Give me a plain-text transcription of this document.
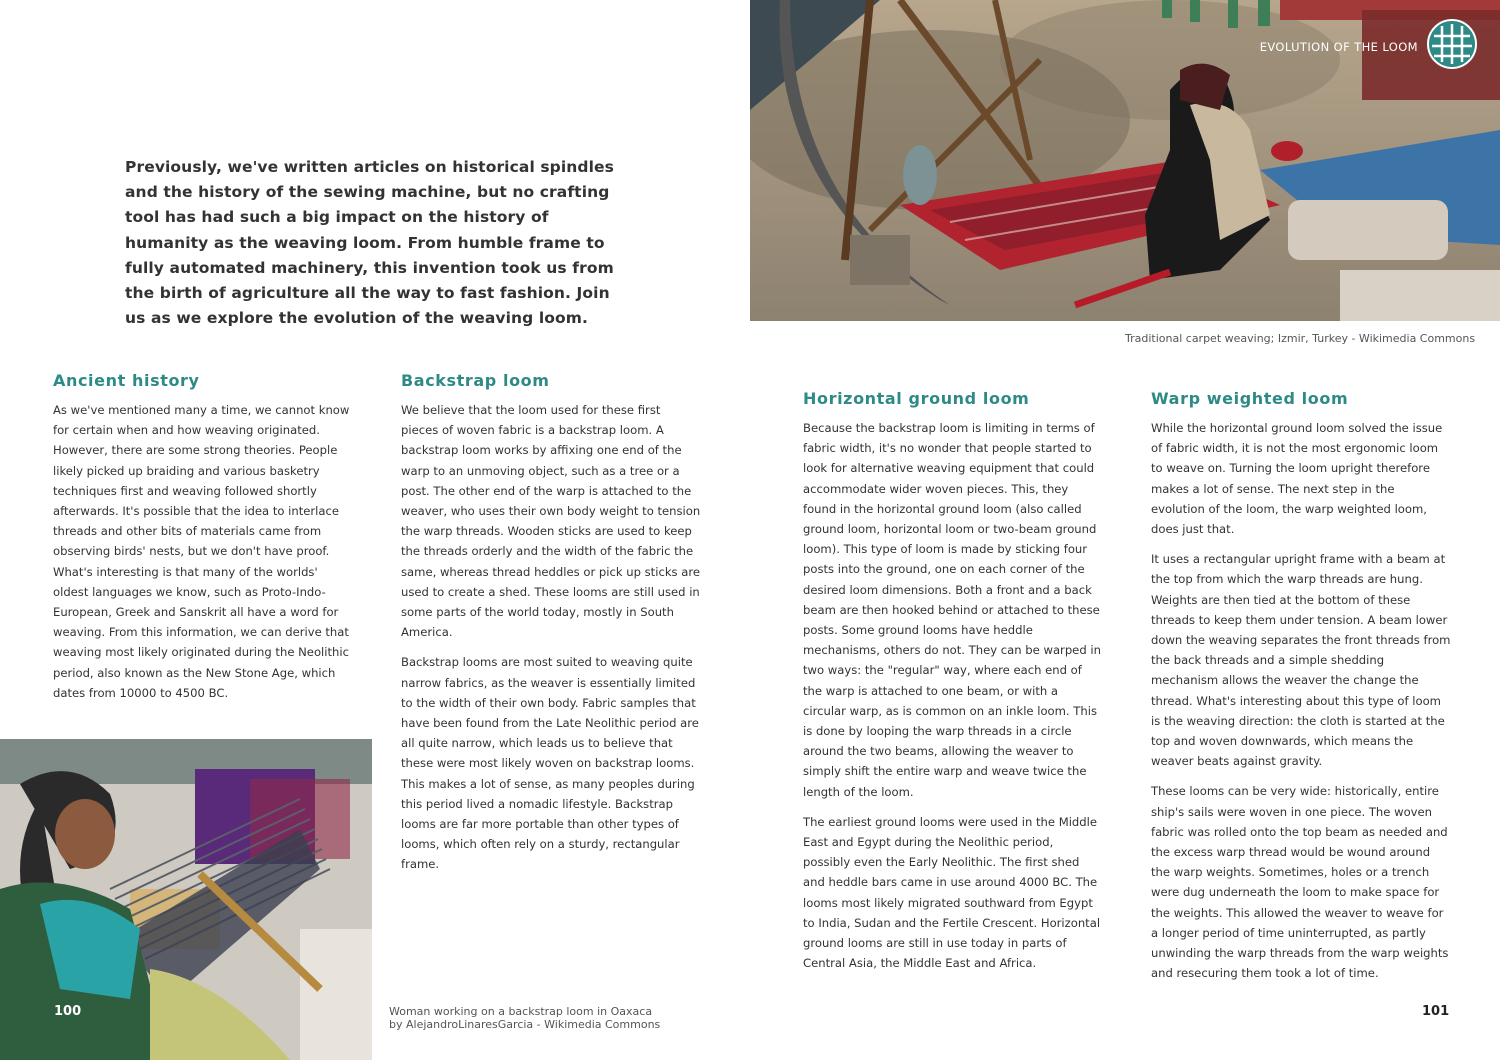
Previously, we've written articles on historical spindles and the history of the sewing machine, but no crafting tool has had such a big impact on the history of humanity as the weaving loom. From humble frame to fully automated machinery, this invention took us from the birth of agriculture all the way to fast fashion. Join us as we explore the evolution of the weaving loom.
EVOLUTION OF THE LOOM
Traditional carpet weaving; Izmir, Turkey - Wikimedia Commons
100	Woman working on a backstrap loom in Oaxaca
by AlejandroLinaresGarcia - Wikimedia Commons
Ancient history

As we've mentioned many a time, we cannot know for certain when and how weaving originated. However, there are some strong theories. People likely picked up braiding and various basketry techniques first and weaving followed shortly afterwards. It's possible that the idea to interlace threads and other bits of materials came from observing birds' nests, but we don't have proof. What's interesting is that many of the worlds' oldest languages we know, such as Proto-Indo-European, Greek and Sanskrit all have a word for weaving. From this information, we can derive that weaving most likely originated during the Neolithic period, also known as the New Stone Age, which dates from 10000 to 4500 BC.

Backstrap loom

We believe that the loom used for these first pieces of woven fabric is a backstrap loom. A backstrap loom works by affixing one end of the warp to an unmoving object, such as a tree or a post. The other end of the warp is attached to the weaver, who uses their own body weight to tension the warp threads. Wooden sticks are used to keep the threads orderly and the width of the fabric the same, whereas thread heddles or pick up sticks are used to create a shed. These looms are still used in some parts of the world today, mostly in South America.

Backstrap looms are most suited to weaving quite narrow fabrics, as the weaver is essentially limited to the width of their own body. Fabric samples that have been found from the Late Neolithic period are all quite narrow, which leads us to believe that these were most likely woven on backstrap looms. This makes a lot of sense, as many peoples during this period lived a nomadic lifestyle. Backstrap looms are far more portable than other types of looms, which often rely on a sturdy, rectangular frame.

Horizontal ground loom

Because the backstrap loom is limiting in terms of fabric width, it's no wonder that people started to look for alternative weaving equipment that could accommodate wider woven pieces. This, they found in the horizontal ground loom (also called ground loom, horizontal loom or two-beam ground loom). This type of loom is made by sticking four posts into the ground, one on each corner of the desired loom dimensions. Both a front and a back beam are then hooked behind or attached to these posts. Some ground looms have heddle mechanisms, others do not. They can be warped in two ways: the "regular" way, where each end of the warp is attached to one beam, or with a circular warp, as is common on an inkle loom. This is done by looping the warp threads in a circle around the two beams, allowing the weaver to simply shift the entire warp and weave twice the length of the loom.

The earliest ground looms were used in the Middle East and Egypt during the Neolithic period, possibly even the Early Neolithic. The first shed and heddle bars came in use around 4000 BC. The looms most likely migrated southward from Egypt to India, Sudan and the Fertile Crescent. Horizontal ground looms are still in use today in parts of Central Asia, the Middle East and Africa.

Warp weighted loom

While the horizontal ground loom solved the issue of fabric width, it is not the most ergonomic loom to weave on. Turning the loom upright therefore makes a lot of sense. The next step in the evolution of the loom, the warp weighted loom, does just that.

It uses a rectangular upright frame with a beam at the top from which the warp threads are hung. Weights are then tied at the bottom of these threads to keep them under tension. A beam lower down the weaving separates the front threads from the back threads and a simple shedding mechanism allows the weaver the change the thread. What's interesting about this type of loom is the weaving direction: the cloth is started at the top and woven downwards, which means the weaver beats against gravity.

These looms can be very wide: historically, entire ship's sails were woven in one piece. The woven fabric was rolled onto the top beam as needed and the excess warp thread would be wound around the warp weights. Sometimes, holes or a trench were dug underneath the loom to make space for the weights. This allowed the weaver to weave for a longer period of time uninterrupted, as partly unwinding the warp threads from the warp weights and resecuring them took a lot of time.

101
